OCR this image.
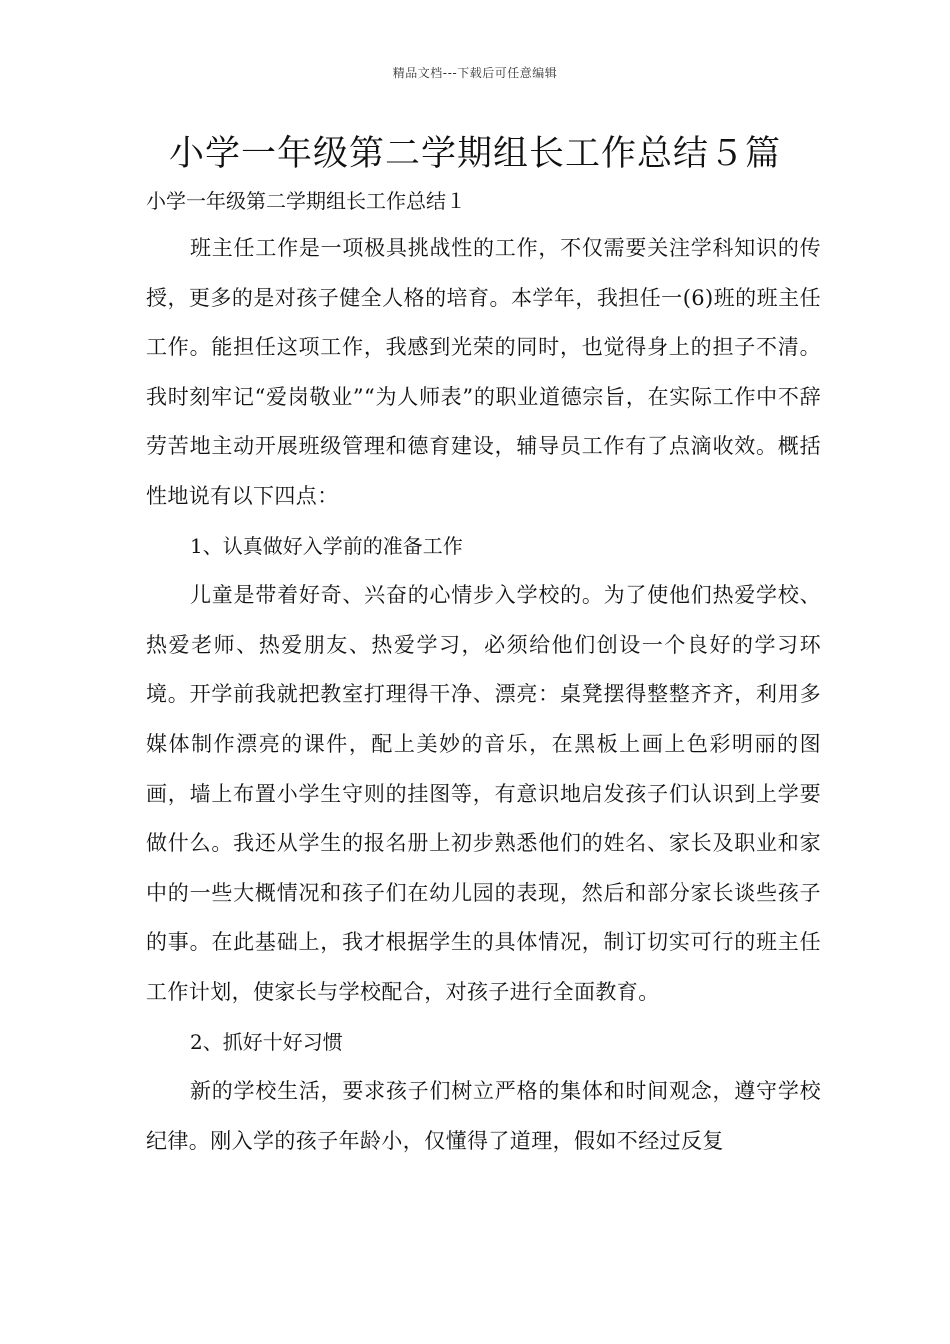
精品文档---下载后可任意编辑
小学一年级第二学期组长工作总结５篇

小学一年级第二学期组长工作总结１

班主任工作是一项极具挑战性的工作，不仅需要关注学科知识的传授，更多的是对孩子健全人格的培育。本学年，我担任一(6)班的班主任工作。能担任这项工作，我感到光荣的同时，也觉得身上的担子不清。我时刻牢记“爱岗敬业”“为人师表”的职业道德宗旨，在实际工作中不辞劳苦地主动开展班级管理和德育建设，辅导员工作有了点滴收效。概括性地说有以下四点：

1、认真做好入学前的准备工作

儿童是带着好奇、兴奋的心情步入学校的。为了使他们热爱学校、热爱老师、热爱朋友、热爱学习，必须给他们创设一个良好的学习环境。开学前我就把教室打理得干净、漂亮：桌凳摆得整整齐齐，利用多媒体制作漂亮的课件，配上美妙的音乐，在黑板上画上色彩明丽的图画，墙上布置小学生守则的挂图等，有意识地启发孩子们认识到上学要做什么。我还从学生的报名册上初步熟悉他们的姓名、家长及职业和家中的一些大概情况和孩子们在幼儿园的表现，然后和部分家长谈些孩子的事。在此基础上，我才根据学生的具体情况，制订切实可行的班主任工作计划，使家长与学校配合，对孩子进行全面教育。

2、抓好十好习惯

新的学校生活，要求孩子们树立严格的集体和时间观念，遵守学校纪律。刚入学的孩子年龄小，仅懂得了道理，假如不经过反复
